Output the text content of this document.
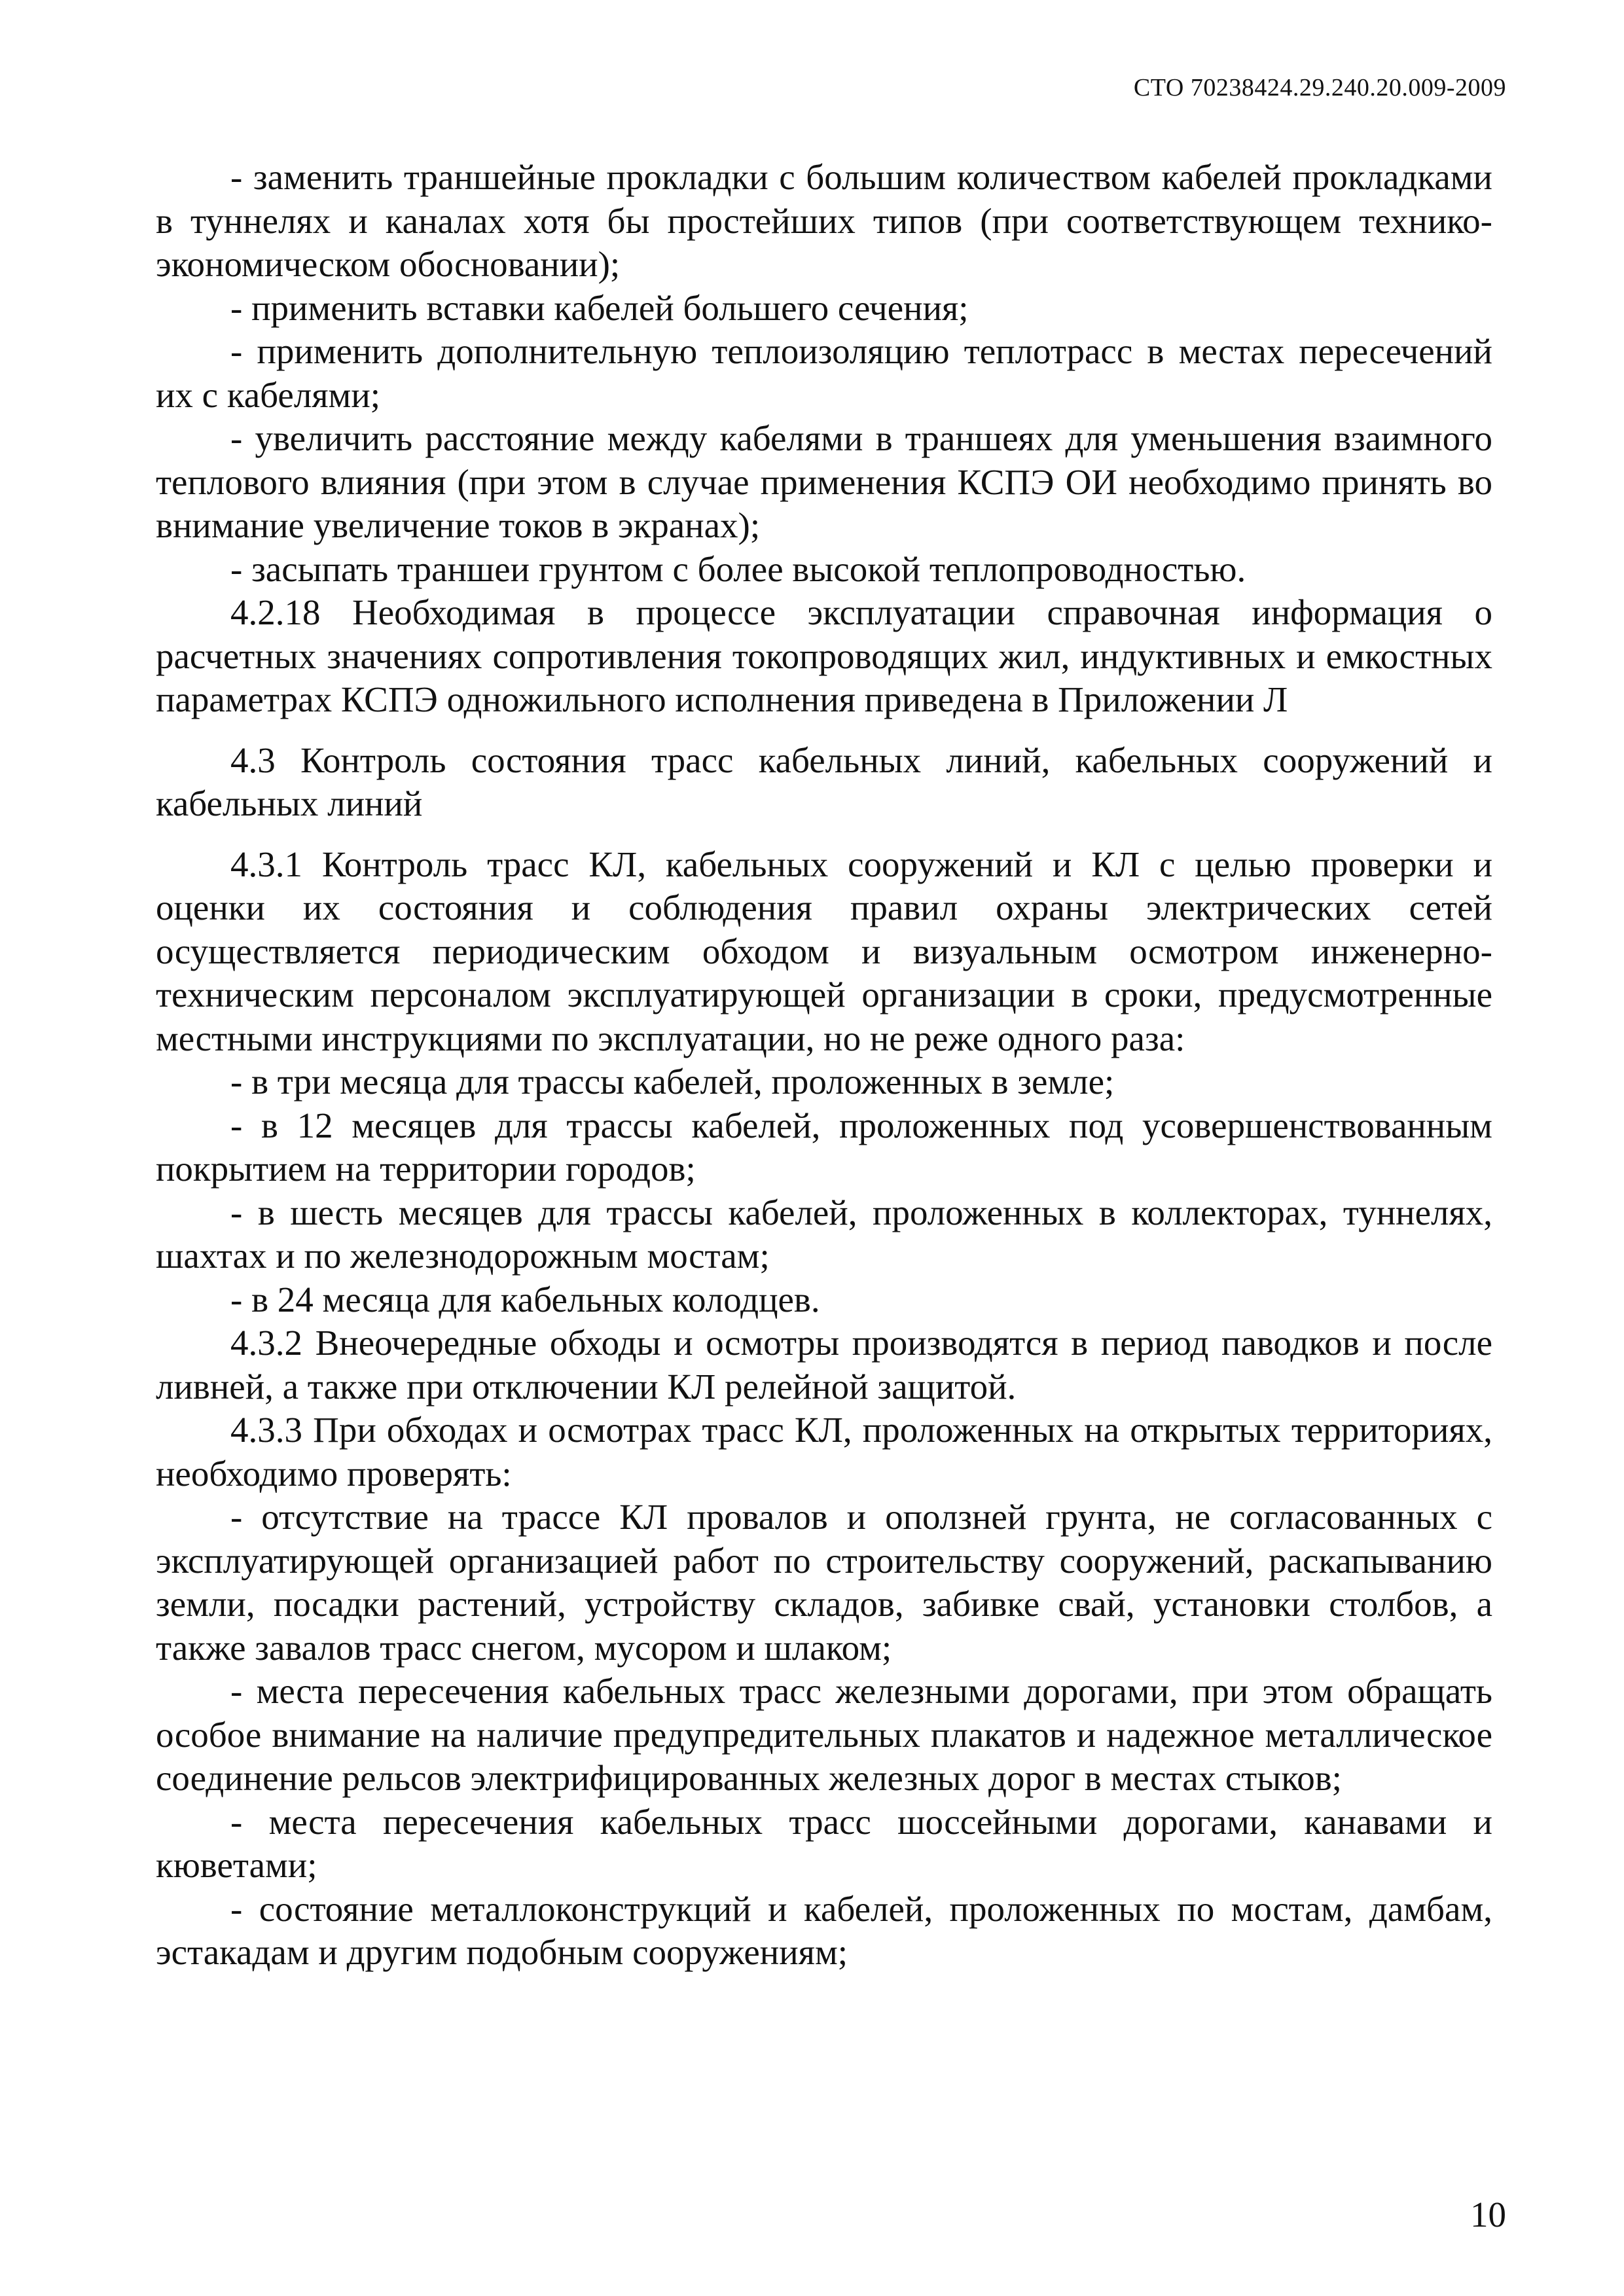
СТО 70238424.29.240.20.009-2009

- заменить траншейные прокладки с большим количеством кабелей прокладками в туннелях и каналах хотя бы простейших типов (при соответствующем технико-экономическом обосновании);

- применить вставки кабелей большего сечения;

- применить дополнительную теплоизоляцию теплотрасс в местах пересечений их с кабелями;

- увеличить расстояние между кабелями в траншеях для уменьшения взаимного теплового влияния (при этом в случае применения КСПЭ ОИ необходимо принять во внимание увеличение токов в экранах);

- засыпать траншеи грунтом с более высокой теплопроводностью.

4.2.18 Необходимая в процессе эксплуатации справочная информация о расчетных значениях сопротивления токопроводящих жил, индуктивных и емкостных параметрах КСПЭ одножильного исполнения приведена в Приложении Л

4.3 Контроль состояния трасс кабельных линий, кабельных сооружений и кабельных линий

4.3.1 Контроль трасс КЛ, кабельных сооружений и КЛ с целью проверки и оценки их состояния и соблюдения правил охраны электрических сетей осуществляется периодическим обходом и визуальным осмотром инженерно-техническим персоналом эксплуатирующей организации в сроки, предусмотренные местными инструкциями по эксплуатации, но не реже одного раза:

- в три месяца для трассы кабелей, проложенных в земле;

- в 12 месяцев для трассы кабелей, проложенных под усовершенствованным покрытием на территории городов;

- в шесть месяцев для трассы кабелей, проложенных в коллекторах, туннелях, шахтах и по железнодорожным мостам;

- в 24 месяца для кабельных колодцев.

4.3.2 Внеочередные обходы и осмотры производятся в период паводков и после ливней, а также при отключении КЛ релейной защитой.

4.3.3 При обходах и осмотрах трасс КЛ, проложенных на открытых территориях, необходимо проверять:

- отсутствие на трассе КЛ провалов и оползней грунта, не согласованных с эксплуатирующей организацией работ по строительству сооружений, раскапыванию земли, посадки растений, устройству складов, забивке свай, установки столбов, а также завалов трасс снегом, мусором и шлаком;

- места пересечения кабельных трасс железными дорогами, при этом обращать особое внимание на наличие предупредительных плакатов и надежное металлическое соединение рельсов электрифицированных железных дорог в местах стыков;

- места пересечения кабельных трасс шоссейными дорогами, канавами и кюветами;

- состояние металлоконструкций и кабелей, проложенных по мостам, дамбам, эстакадам и другим подобным сооружениям;

10
